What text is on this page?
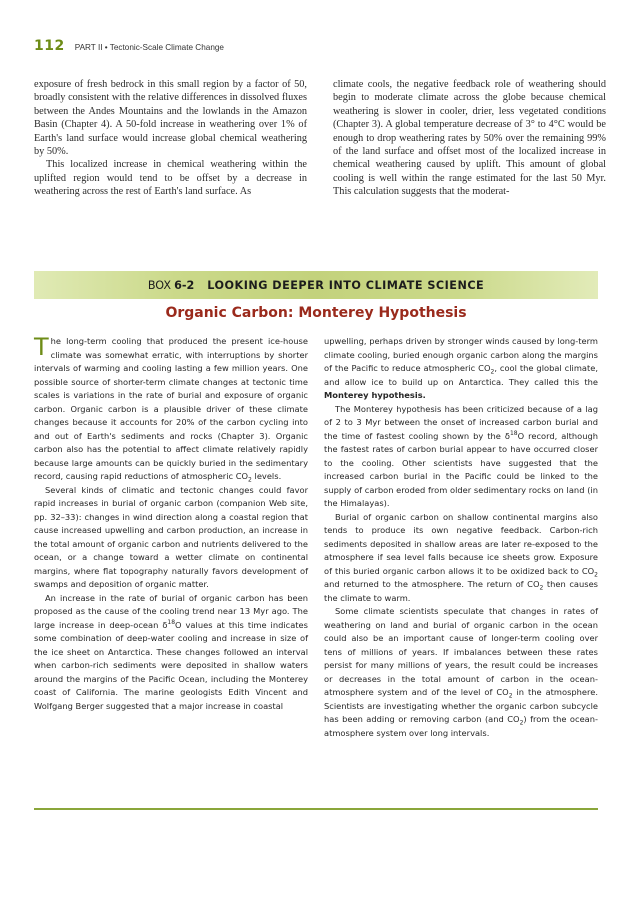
112 PART II • Tectonic-Scale Climate Change

exposure of fresh bedrock in this small region by a factor of 50, broadly consistent with the relative differences in dissolved fluxes between the Andes Mountains and the lowlands in the Amazon Basin (Chapter 4). A 50-fold increase in weathering over 1% of Earth's land surface would increase global chemical weathering by 50%.

This localized increase in chemical weathering within the uplifted region would tend to be offset by a decrease in weathering across the rest of Earth's land surface. As

climate cools, the negative feedback role of weathering should begin to moderate climate across the globe because chemical weathering is slower in cooler, drier, less vegetated conditions (Chapter 3). A global temperature decrease of 3° to 4°C would be enough to drop weathering rates by 50% over the remaining 99% of the land surface and offset most of the localized increase in chemical weathering caused by uplift. This amount of global cooling is well within the range estimated for the last 50 Myr. This calculation suggests that the moderat-

BOX 6-2 LOOKING DEEPER INTO CLIMATE SCIENCE
Organic Carbon: Monterey Hypothesis

The long-term cooling that produced the present ice-house climate was somewhat erratic, with interruptions by shorter intervals of warming and cooling lasting a few million years. One possible source of shorter-term climate changes at tectonic time scales is variations in the rate of burial and exposure of organic carbon. Organic carbon is a plausible driver of these climate changes because it accounts for 20% of the carbon cycling into and out of Earth's sediments and rocks (Chapter 3). Organic carbon also has the potential to affect climate relatively rapidly because large amounts can be quickly buried in the sedimentary record, causing rapid reductions of atmospheric $CO_2$ levels.

Several kinds of climatic and tectonic changes could favor rapid increases in burial of organic carbon (companion Web site, pp. 32–33): changes in wind direction along a coastal region that cause increased upwelling and carbon production, an increase in the total amount of organic carbon and nutrients delivered to the ocean, or a change toward a wetter climate on continental margins, where flat topography naturally favors development of swamps and deposition of organic matter.

An increase in the rate of burial of organic carbon has been proposed as the cause of the cooling trend near 13 Myr ago. The large increase in deep-ocean $\delta^{18}O$ values at this time indicates some combination of deep-water cooling and increase in size of the ice sheet on Antarctica. These changes followed an interval when carbon-rich sediments were deposited in shallow waters around the margins of the Pacific Ocean, including the Monterey coast of California. The marine geologists Edith Vincent and Wolfgang Berger suggested that a major increase in coastal

upwelling, perhaps driven by stronger winds caused by long-term climate cooling, buried enough organic carbon along the margins of the Pacific to reduce atmospheric $CO_2$, cool the global climate, and allow ice to build up on Antarctica. They called this the Monterey hypothesis.

The Monterey hypothesis has been criticized because of a lag of 2 to 3 Myr between the onset of increased carbon burial and the time of fastest cooling shown by the $\delta^{18}O$ record, although the fastest rates of carbon burial appear to have occurred closer to the cooling. Other scientists have suggested that the increased carbon burial in the Pacific could be linked to the supply of carbon eroded from older sedimentary rocks on land (in the Himalayas).

Burial of organic carbon on shallow continental margins also tends to produce its own negative feedback. Carbon-rich sediments deposited in shallow areas are later re-exposed to the atmosphere if sea level falls because ice sheets grow. Exposure of this buried organic carbon allows it to be oxidized back to $CO_2$ and returned to the atmosphere. The return of $CO_2$ then causes the climate to warm.

Some climate scientists speculate that changes in rates of weathering on land and burial of organic carbon in the ocean could also be an important cause of longer-term cooling over tens of millions of years. If imbalances between these rates persist for many millions of years, the result could be increases or decreases in the total amount of carbon in the ocean-atmosphere system and of the level of $CO_2$ in the atmosphere. Scientists are investigating whether the organic carbon subcycle has been adding or removing carbon (and $CO_2$) from the ocean-atmosphere system over long intervals.
